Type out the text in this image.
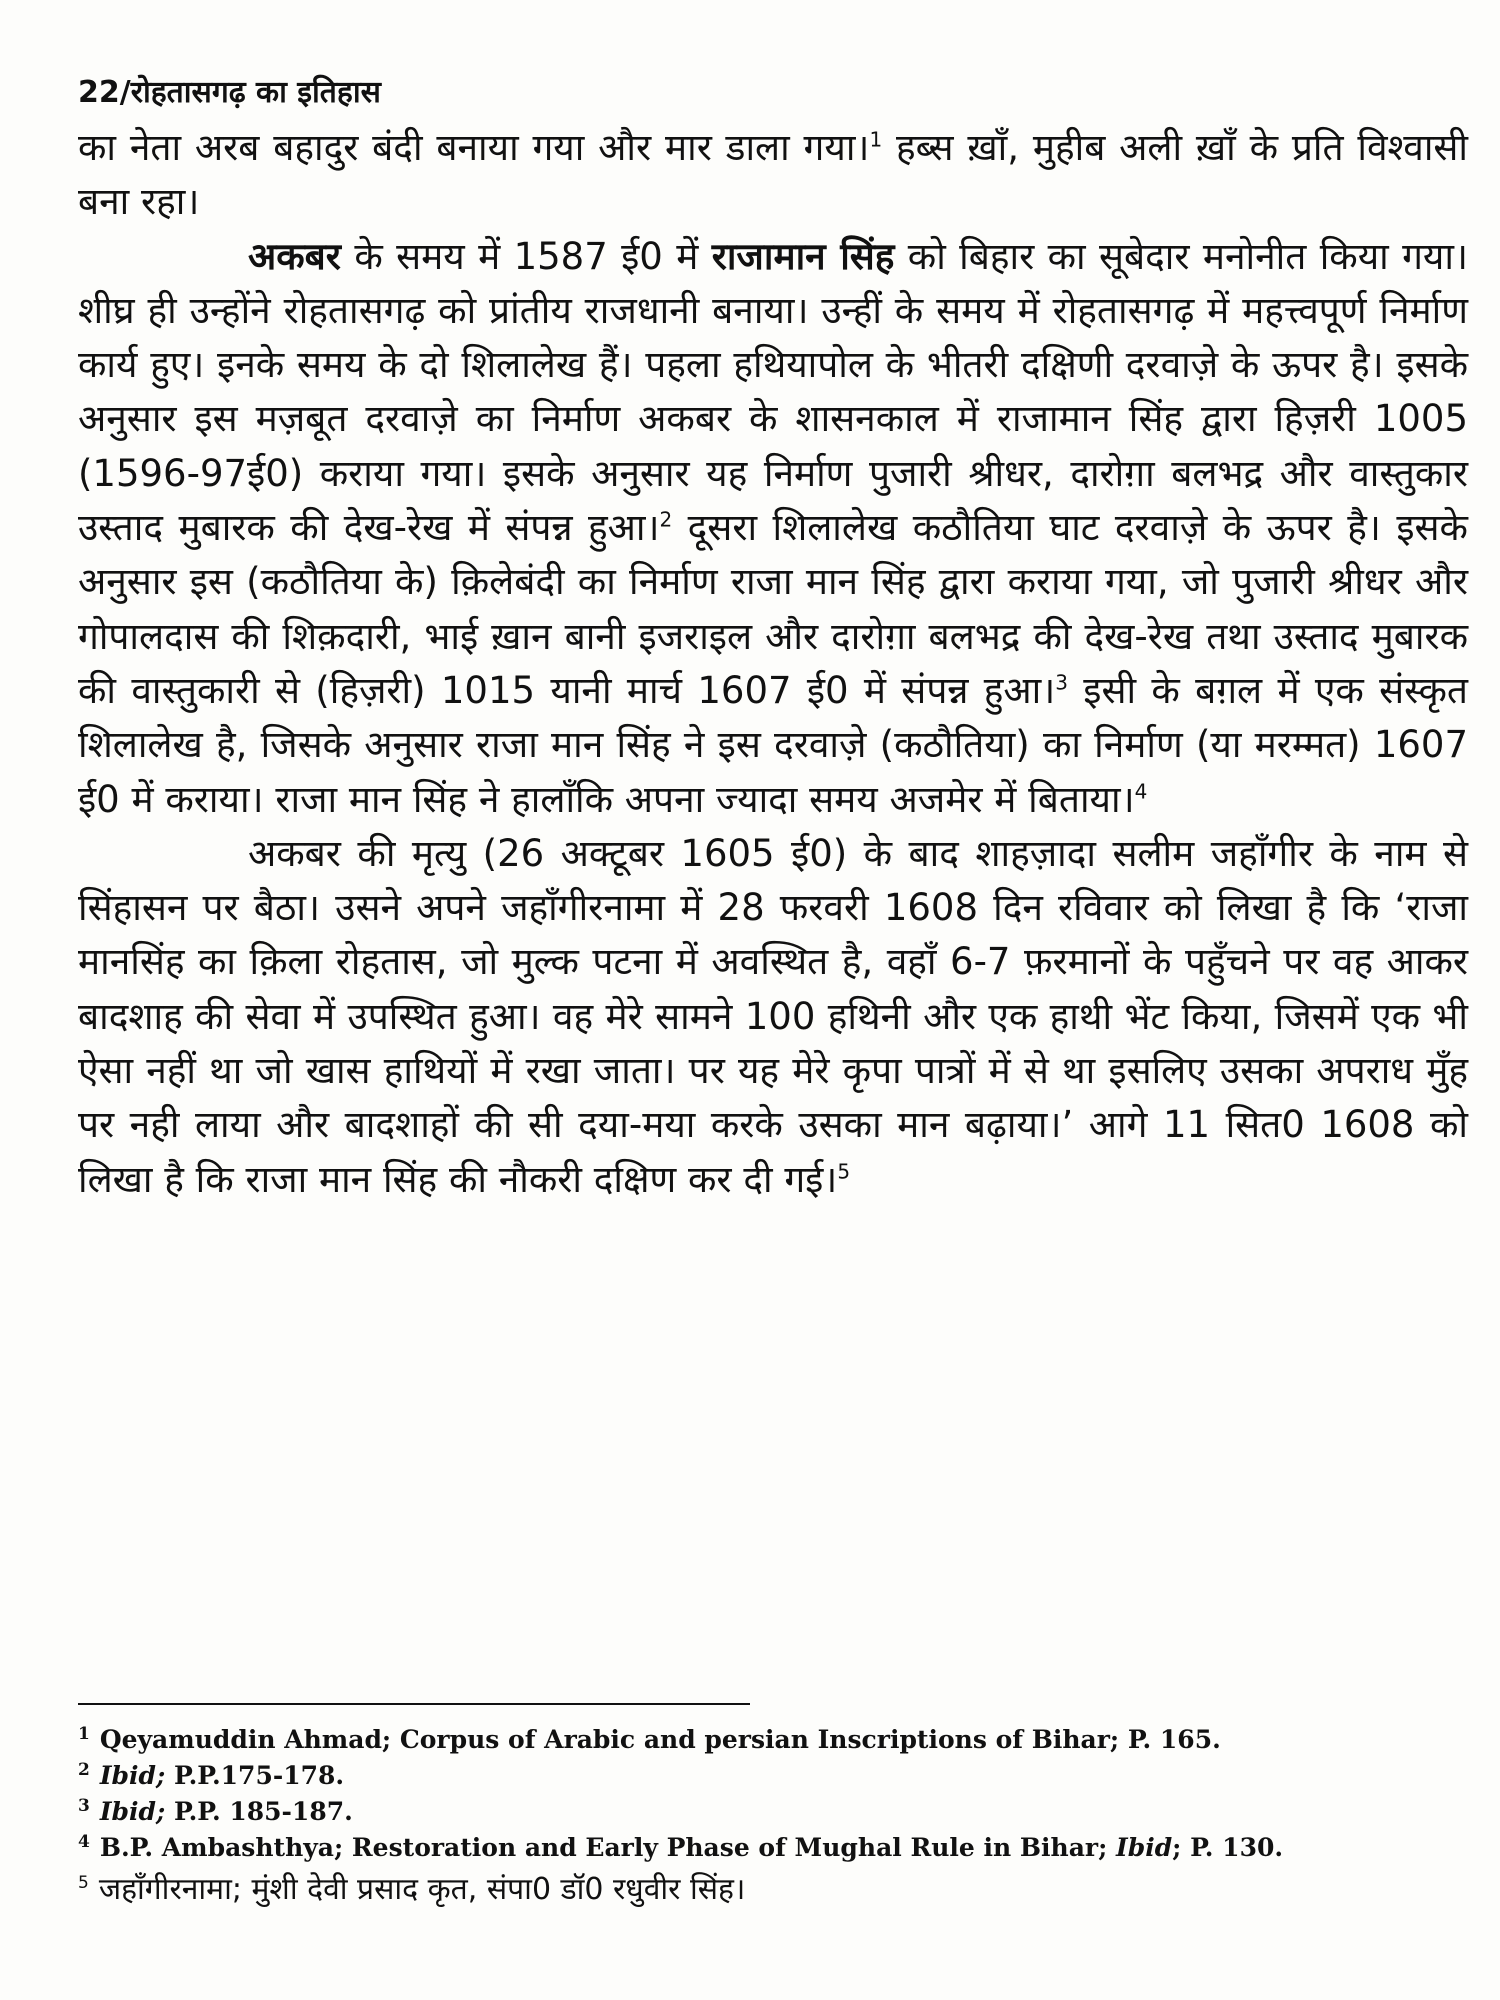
22/रोहतासगढ़ का इतिहास

का नेता अरब बहादुर बंदी बनाया गया और मार डाला गया।$^1$ हब्स ख़ाँ, मुहीब अली ख़ाँ के प्रति विश्वासी बना रहा।

अकबर के समय में 1587 ई0 में राजामान सिंह को बिहार का सूबेदार मनोनीत किया गया। शीघ्र ही उन्होंने रोहतासगढ़ को प्रांतीय राजधानी बनाया। उन्हीं के समय में रोहतासगढ़ में महत्त्वपूर्ण निर्माण कार्य हुए। इनके समय के दो शिलालेख हैं। पहला हथियापोल के भीतरी दक्षिणी दरवाज़े के ऊपर है। इसके अनुसार इस मज़बूत दरवाज़े का निर्माण अकबर के शासनकाल में राजामान सिंह द्वारा हिज़री 1005 (1596-97ई0) कराया गया। इसके अनुसार यह निर्माण पुजारी श्रीधर, दारोग़ा बलभद्र और वास्तुकार उस्ताद मुबारक की देख-रेख में संपन्न हुआ।$^2$ दूसरा शिलालेख कठौतिया घाट दरवाज़े के ऊपर है। इसके अनुसार इस (कठौतिया के) क़िलेबंदी का निर्माण राजा मान सिंह द्वारा कराया गया, जो पुजारी श्रीधर और गोपालदास की शिक़दारी, भाई ख़ान बानी इजराइल और दारोग़ा बलभद्र की देख-रेख तथा उस्ताद मुबारक की वास्तुकारी से (हिज़री) 1015 यानी मार्च 1607 ई0 में संपन्न हुआ।$^3$ इसी के बग़ल में एक संस्कृत शिलालेख है, जिसके अनुसार राजा मान सिंह ने इस दरवाज़े (कठौतिया) का निर्माण (या मरम्मत) 1607 ई0 में कराया। राजा मान सिंह ने हालाँकि अपना ज्यादा समय अजमेर में बिताया।$^4$

अकबर की मृत्यु (26 अक्टूबर 1605 ई0) के बाद शाहज़ादा सलीम जहाँगीर के नाम से सिंहासन पर बैठा। उसने अपने जहाँगीरनामा में 28 फरवरी 1608 दिन रविवार को लिखा है कि ‘राजा मानसिंह का क़िला रोहतास, जो मुल्क पटना में अवस्थित है, वहाँ 6-7 फ़रमानों के पहुँचने पर वह आकर बादशाह की सेवा में उपस्थित हुआ। वह मेरे सामने 100 हथिनी और एक हाथी भेंट किया, जिसमें एक भी ऐसा नहीं था जो खास हाथियों में रखा जाता। पर यह मेरे कृपा पात्रों में से था इसलिए उसका अपराध मुँह पर नही लाया और बादशाहों की सी दया-मया करके उसका मान बढ़ाया।’ आगे 11 सित0 1608 को लिखा है कि राजा मान सिंह की नौकरी दक्षिण कर दी गई।$^5$

$^1$ Qeyamuddin Ahmad; Corpus of Arabic and persian Inscriptions of Bihar; P. 165.

$^2$ Ibid; P.P.175-178.

$^3$ Ibid; P.P. 185-187.

$^4$ B.P. Ambashthya; Restoration and Early Phase of Mughal Rule in Bihar; Ibid; P. 130.

$^5$ जहाँगीरनामा; मुंशी देवी प्रसाद कृत, संपा0 डॉ0 रधुवीर सिंह।
